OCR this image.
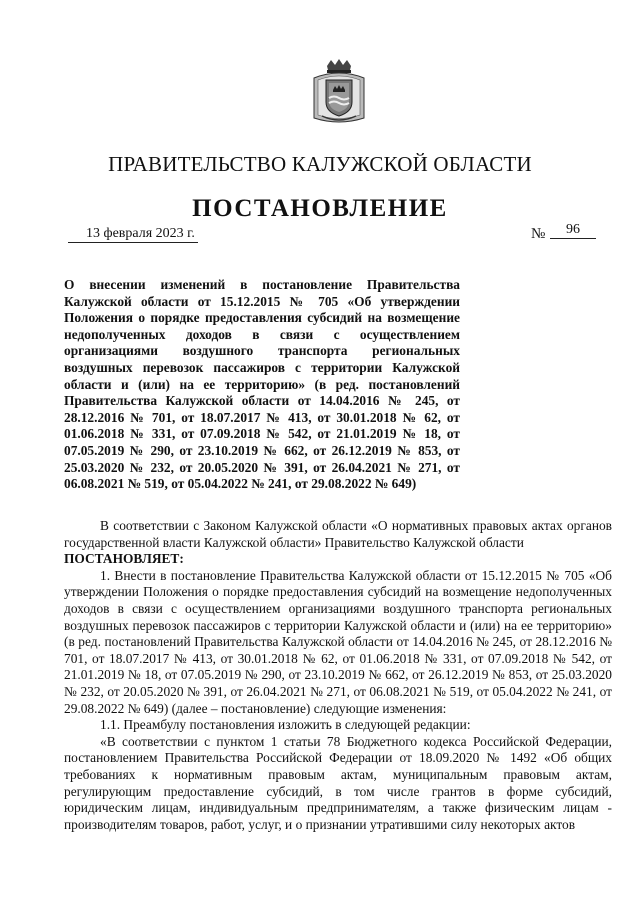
ПРАВИТЕЛЬСТВО КАЛУЖСКОЙ ОБЛАСТИ
ПОСТАНОВЛЕНИЕ
13 февраля 2023 г.	№	96
О внесении изменений в постановление Правительства Калужской области от 15.12.2015 № 705 «Об утверждении Положения о порядке предоставления субсидий на возмещение недополученных доходов в связи с осуществлением организациями воздушного транспорта региональных воздушных перевозок пассажиров с территории Калужской области и (или) на ее территорию» (в ред. постановлений Правительства Калужской области от 14.04.2016 № 245, от 28.12.2016 № 701, от 18.07.2017 № 413, от 30.01.2018 № 62, от 01.06.2018 № 331, от 07.09.2018 № 542, от 21.01.2019 № 18, от 07.05.2019 № 290, от 23.10.2019 № 662, от 26.12.2019 № 853, от 25.03.2020 № 232, от 20.05.2020 № 391, от 26.04.2021 № 271, от 06.08.2021 № 519, от 05.04.2022 № 241, от 29.08.2022 № 649)

В соответствии с Законом Калужской области «О нормативных правовых актах органов государственной власти Калужской области» Правительство Калужской области

ПОСТАНОВЛЯЕТ:

1. Внести в постановление Правительства Калужской области от 15.12.2015 № 705 «Об утверждении Положения о порядке предоставления субсидий на возмещение недополученных доходов в связи с осуществлением организациями воздушного транспорта региональных воздушных перевозок пассажиров с территории Калужской области и (или) на ее территорию» (в ред. постановлений Правительства Калужской области от 14.04.2016 № 245, от 28.12.2016 № 701, от 18.07.2017 № 413, от 30.01.2018 № 62, от 01.06.2018 № 331, от 07.09.2018 № 542, от 21.01.2019 № 18, от 07.05.2019 № 290, от 23.10.2019 № 662, от 26.12.2019 № 853, от 25.03.2020 № 232, от 20.05.2020 № 391, от 26.04.2021 № 271, от 06.08.2021 № 519, от 05.04.2022 № 241, от 29.08.2022 № 649) (далее – постановление) следующие изменения:

1.1. Преамбулу постановления изложить в следующей редакции:

«В соответствии с пунктом 1 статьи 78 Бюджетного кодекса Российской Федерации, постановлением Правительства Российской Федерации от 18.09.2020 № 1492 «Об общих требованиях к нормативным правовым актам, муниципальным правовым актам, регулирующим предоставление субсидий, в том числе грантов в форме субсидий, юридическим лицам, индивидуальным предпринимателям, а также физическим лицам - производителям товаров, работ, услуг, и о признании утратившими силу некоторых актов
